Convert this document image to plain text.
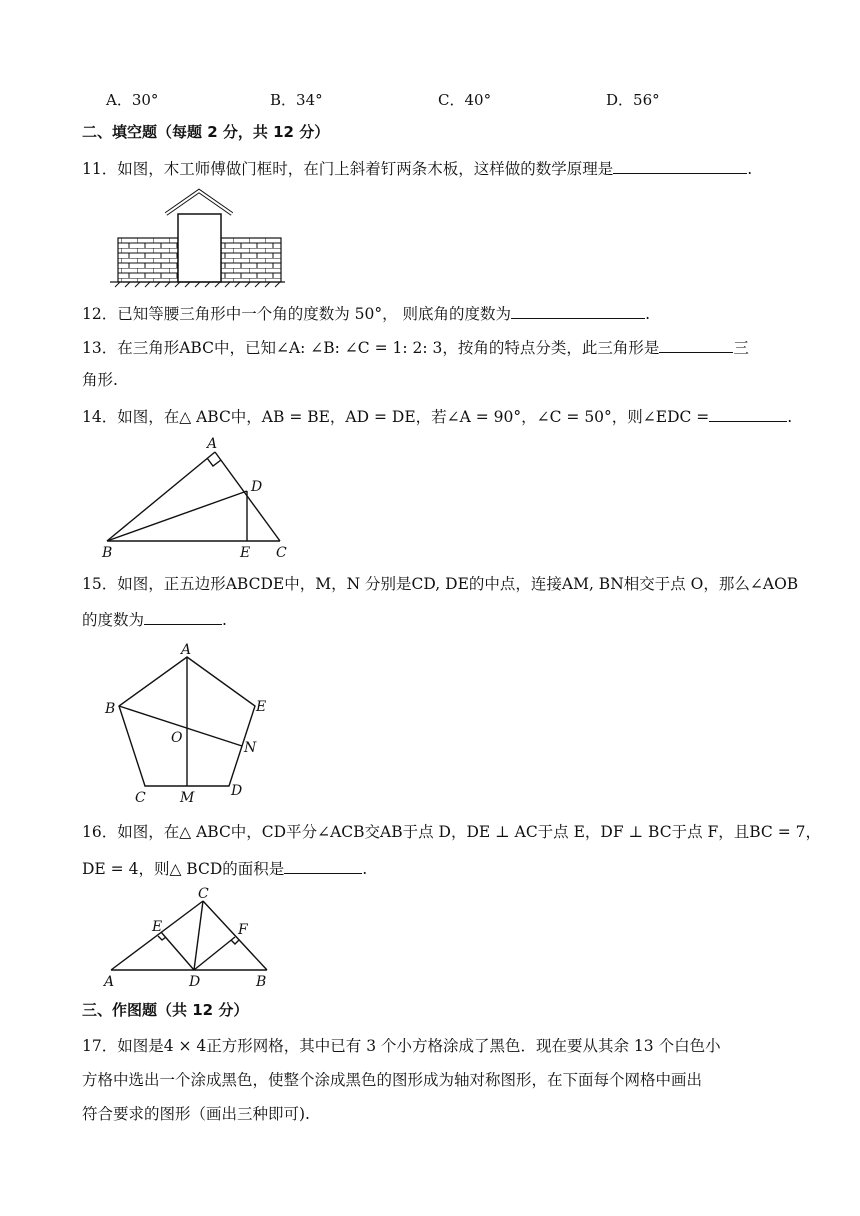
A．30°	B．34°	C．40°	D．56°
二、填空题（每题 2 分，共 12 分）
11．如图，木工师傅做门框时，在门上斜着钉两条木板，这样做的数学原理是	.
12．已知等腰三角形中一个角的度数为 50°， 则底角的度数为	.
13．在三角形ABC中，已知∠A: ∠B: ∠C = 1: 2: 3，按角的特点分类，此三角形是	三
角形.
14．如图，在△ ABC中，AB = BE，AD = DE，若∠A = 90°，∠C = 50°，则∠EDC =	.
A
B	C
D
E
15．如图，正五边形ABCDE中，M，N 分别是CD, DE的中点，连接AM, BN相交于点 O，那么∠AOB
的度数为	.
A
B
C	D
E
M
N
O
16．如图，在△ ABC中，CD平分∠ACB交AB于点 D，DE ⊥ AC于点 E，DF ⊥ BC于点 F，且BC = 7，
DE = 4，则△ BCD的面积是	.
C
E	F
A	D	B
三、作图题（共 12 分）
17．如图是4 × 4正方形网格，其中已有 3 个小方格涂成了黑色．现在要从其余 13 个白色小
方格中选出一个涂成黑色，使整个涂成黑色的图形成为轴对称图形，在下面每个网格中画出
符合要求的图形（画出三种即可).
